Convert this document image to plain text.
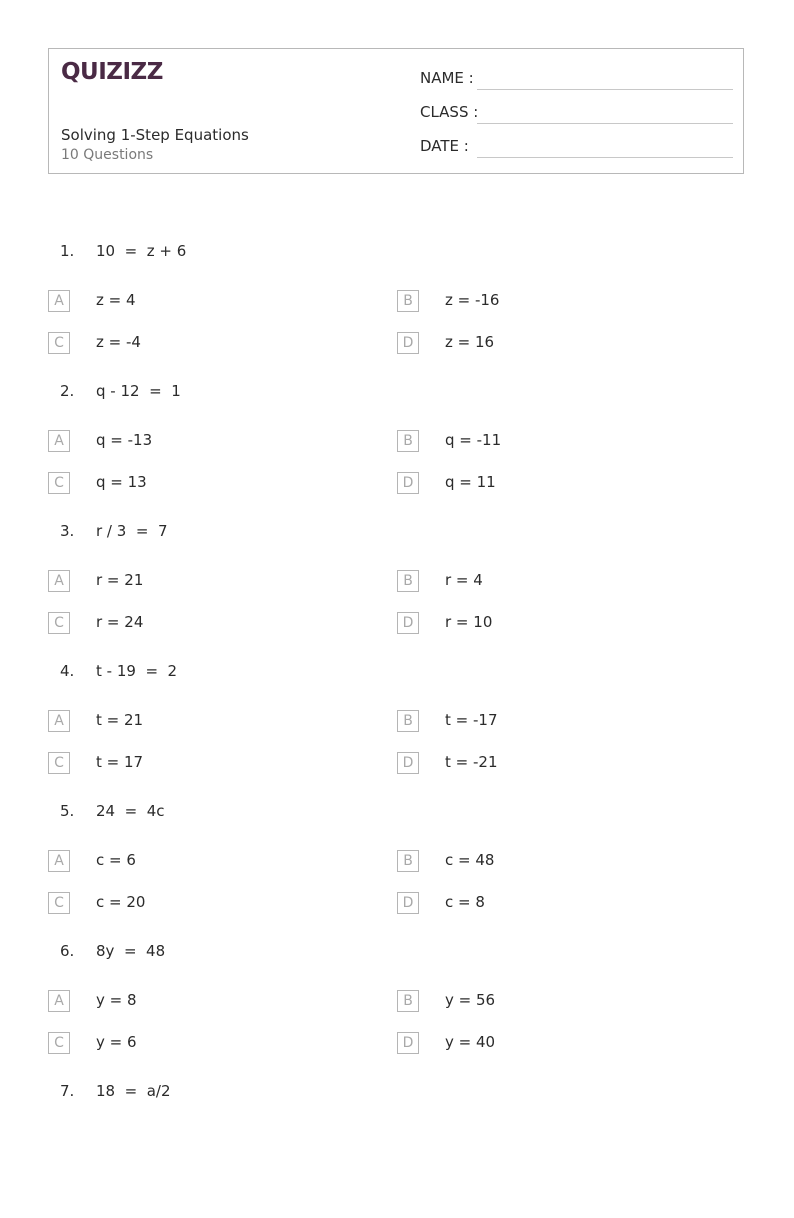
QUIZIZZ
Solving 1-Step Equations
10 Questions
NAME :
CLASS :
DATE :
1. 10  =  z + 6
A	z = 4	B	z = -16
C	z = -4	D	z = 16
2. q - 12  =  1
A	q = -13	B	q = -11
C	q = 13	D	q = 11
3. r / 3  =  7
A	r = 21	B	r = 4
C	r = 24	D	r = 10
4. t - 19  =  2
A	t = 21	B	t = -17
C	t = 17	D	t = -21
5. 24  =  4c
A	c = 6	B	c = 48
C	c = 20	D	c = 8
6. 8y  =  48
A	y = 8	B	y = 56
C	y = 6	D	y = 40
7. 18  =  a/2
